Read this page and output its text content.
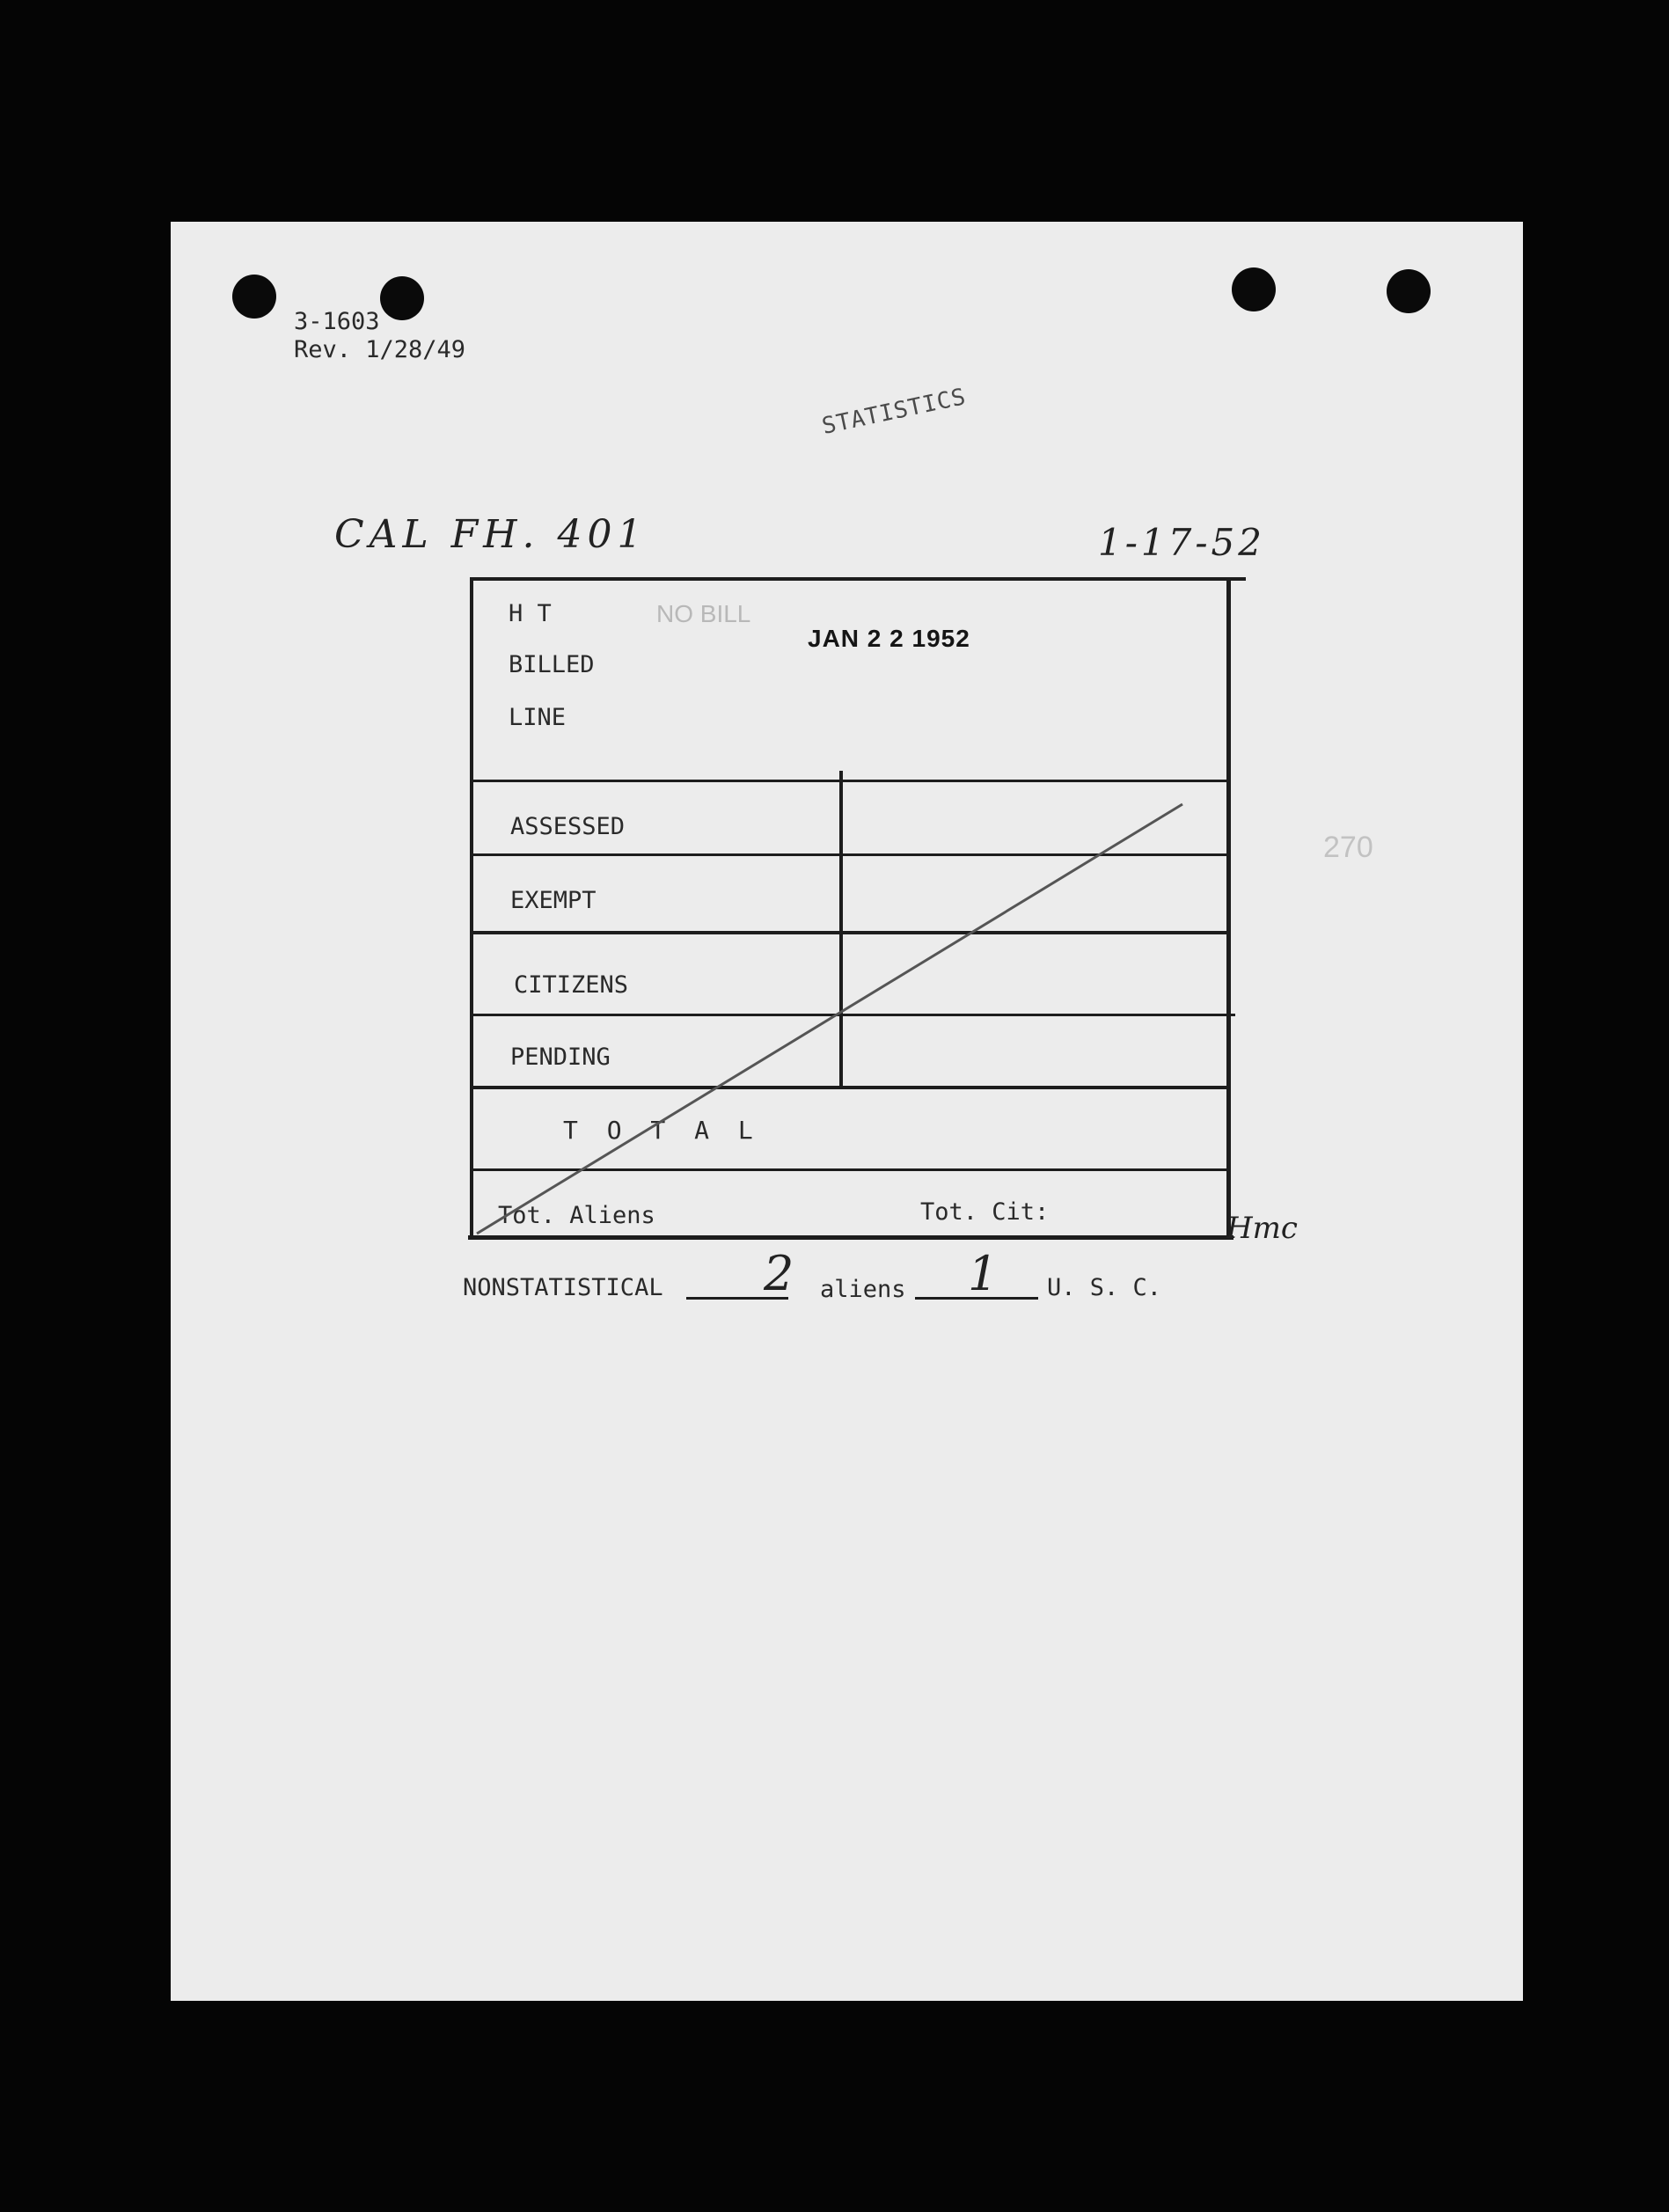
3-1603
Rev. 1/28/49
STATISTICS
CAL FH. 401	1-17-52
H T
BILLED
LINE
NO BILL
JAN 2 2 1952
ASSESSED
EXEMPT
CITIZENS
PENDING
T O T A L
Tot. Aliens	Tot. Cit:	Hmc
270
NONSTATISTICAL 2 aliens 1 U. S. C.
